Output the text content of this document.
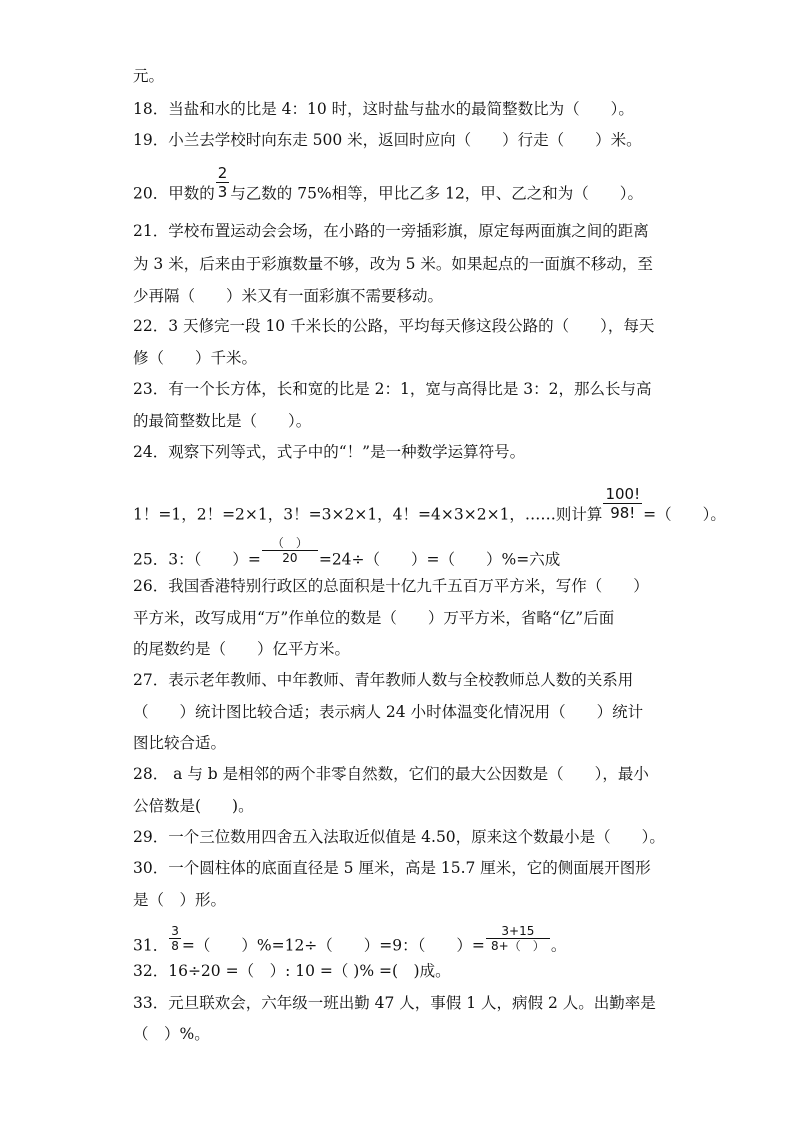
元。
18．当盐和水的比是 4：10 时，这时盐与盐水的最简整数比为（　　）。
19．小兰去学校时向东走 500 米，返回时应向（　　）行走（　　）米。
20．甲数的 $\frac{2}{3}$ 与乙数的 75%相等，甲比乙多 12，甲、乙之和为（　　）。
21．学校布置运动会会场，在小路的一旁插彩旗，原定每两面旗之间的距离
为 3 米，后来由于彩旗数量不够，改为 5 米。如果起点的一面旗不移动，至
少再隔（　　）米又有一面彩旗不需要移动。
22．3 天修完一段 10 千米长的公路，平均每天修这段公路的（　　），每天
修（　　）千米。
23．有一个长方体，长和宽的比是 2：1，宽与高得比是 3：2，那么长与高
的最简整数比是（　　）。
24．观察下列等式，式子中的“！”是一种数学运算符号。
1！=1，2！=2×1，3！=3×2×1，4！=4×3×2×1，……则计算 $\frac{100!}{98!}$ =（　　）。
25．3：（　　）= $\frac{( )}{20} =24\div$（　　）=（　　）%=六成
26．我国香港特别行政区的总面积是十亿九千五百万平方米，写作（　　）
平方米，改写成用“万”作单位的数是（　　）万平方米，省略“亿”后面
的尾数约是（　　）亿平方米。
27．表示老年教师、中年教师、青年教师人数与全校教师总人数的关系用
（　　）统计图比较合适；表示病人 24 小时体温变化情况用（　　）统计
图比较合适。
28． a 与 b 是相邻的两个非零自然数，它们的最大公因数是（　　），最小
公倍数是(　　)。
29．一个三位数用四舍五入法取近似值是 4.50，原来这个数最小是（　　）。
30．一个圆柱体的底面直径是 5 厘米，高是 15.7 厘米，它的侧面展开图形
是（　）形。
31． $\frac{3}{8}$ =（　　）%=12÷（　　）=9：（　　）= $\frac{3+15}{8+( )}$ 。
32．16÷20 =（　）: 10 =（ )% =(　)成。
33．元旦联欢会，六年级一班出勤 47 人，事假 1 人，病假 2 人。出勤率是
（　）%。
